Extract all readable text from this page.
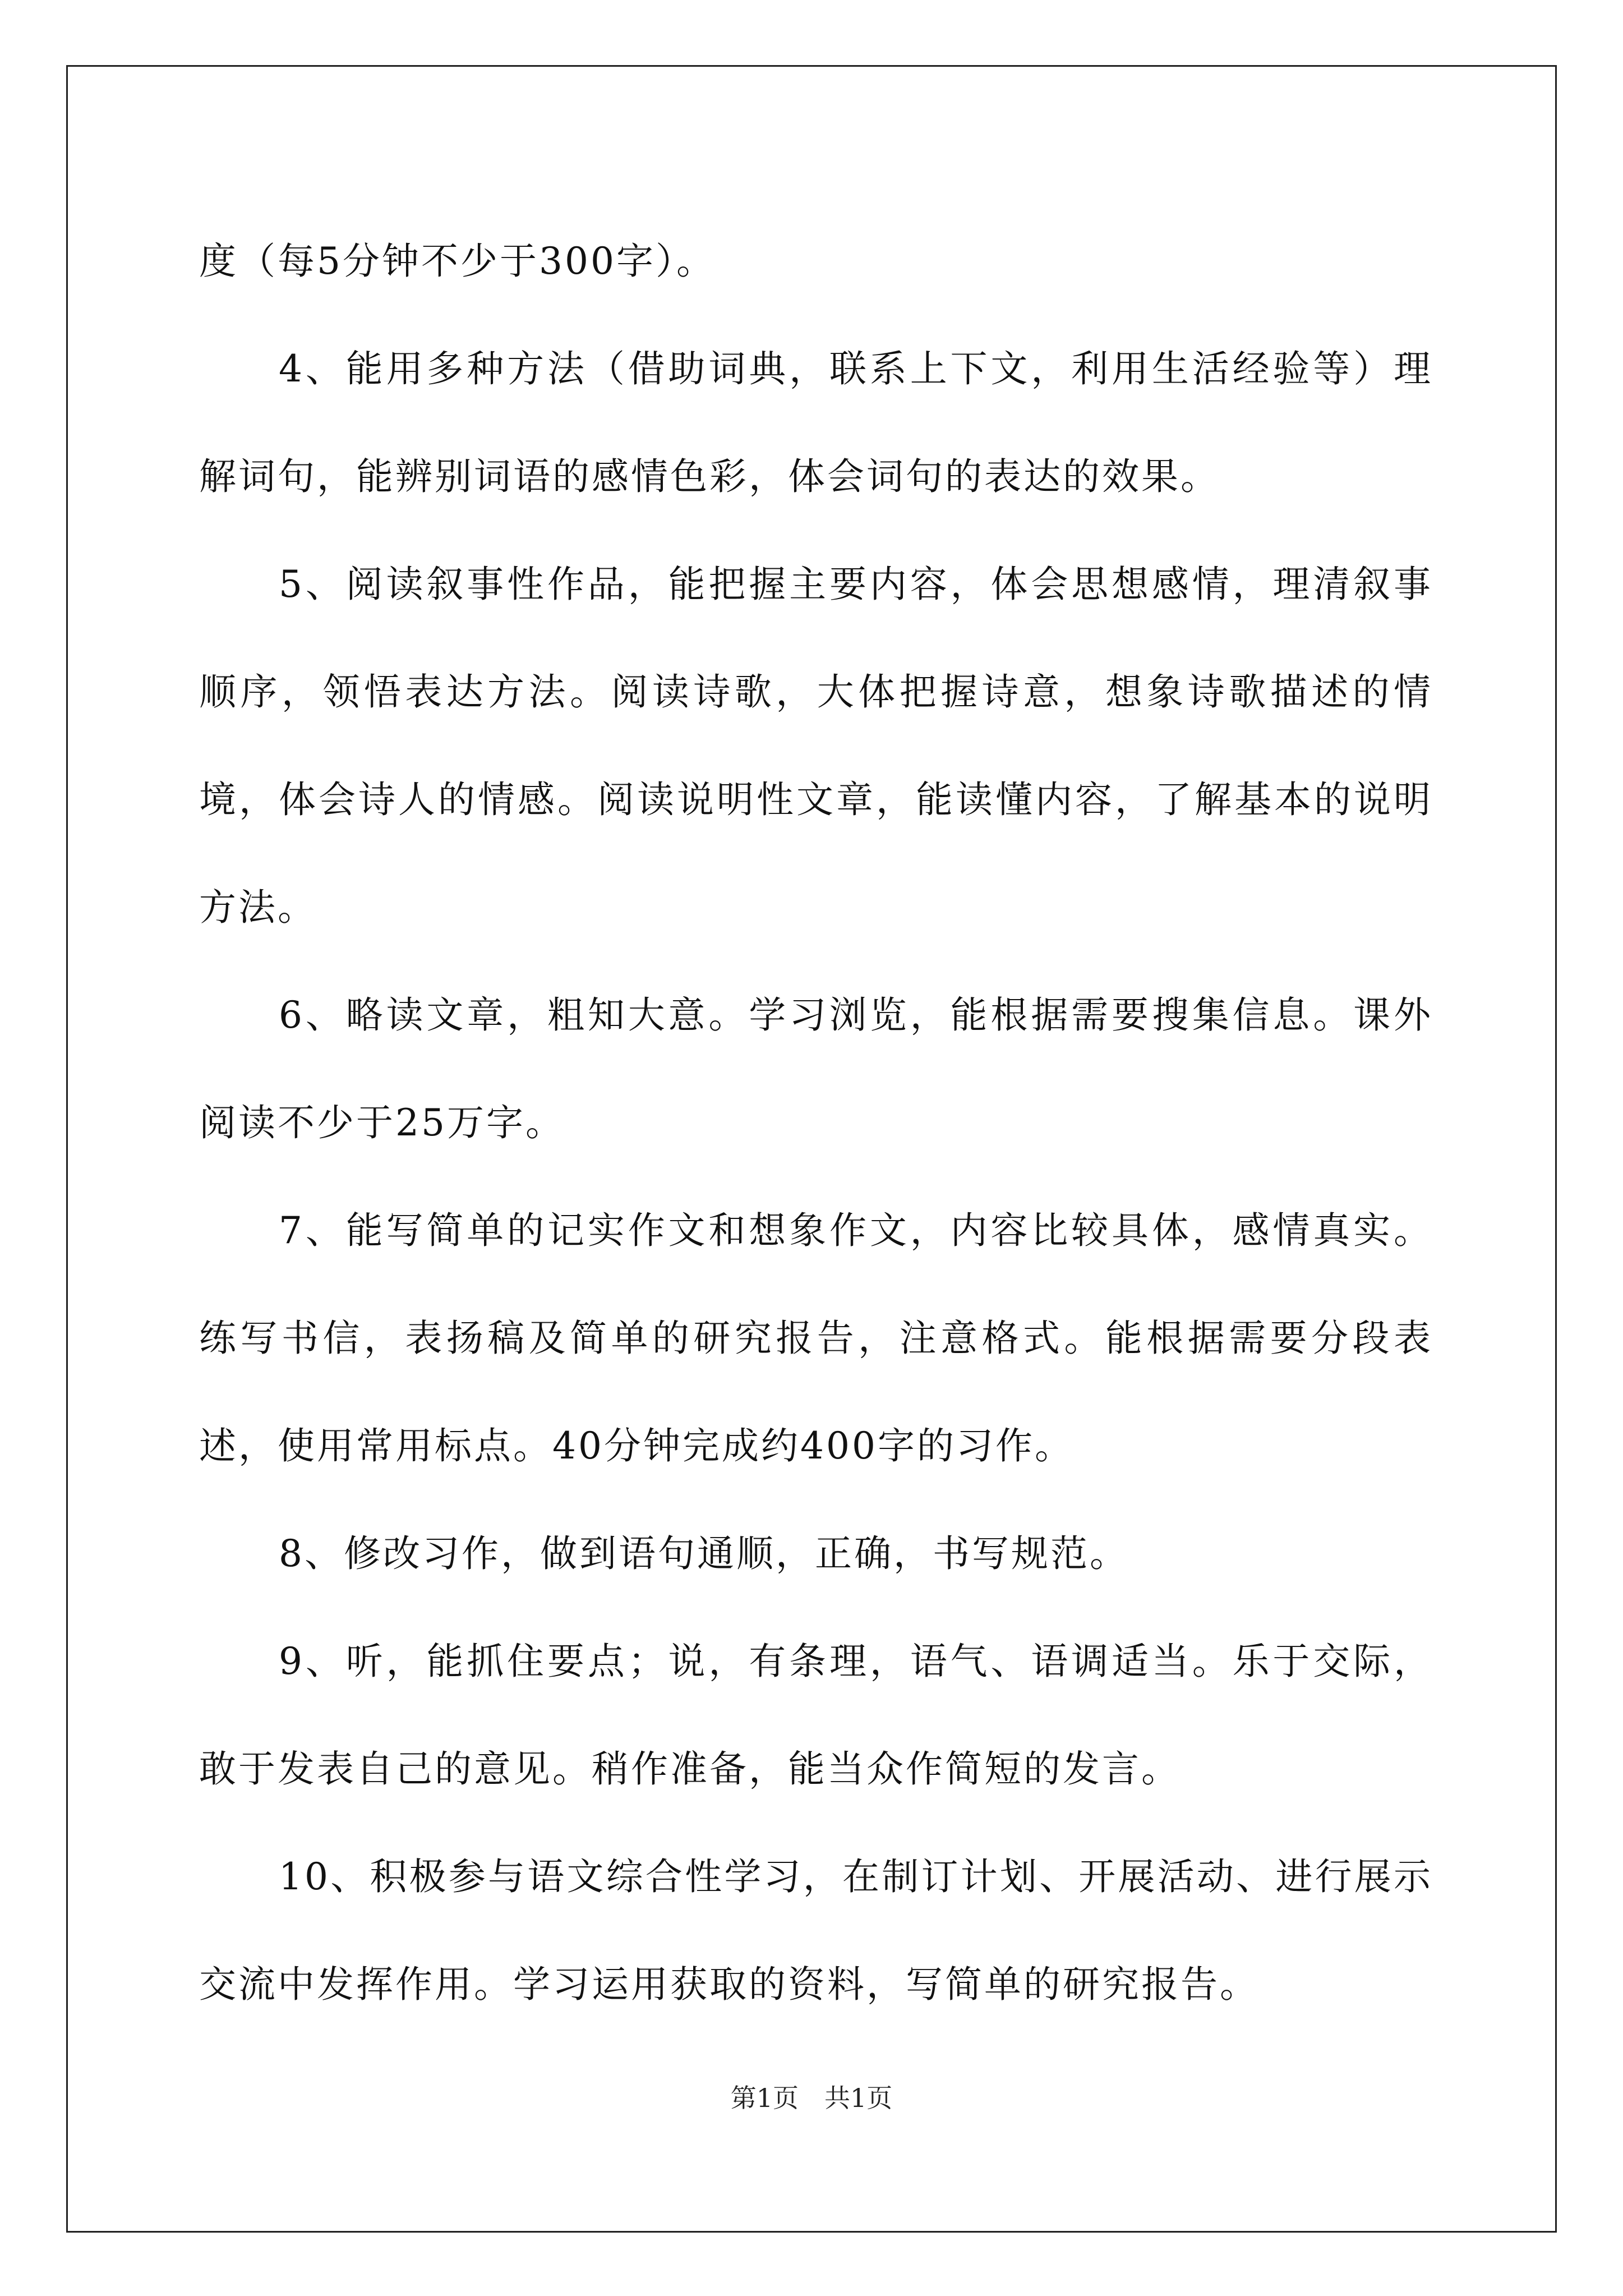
度（每5分钟不少于300字）。

4、能用多种方法（借助词典，联系上下文，利用生活经验等）理解词句，能辨别词语的感情色彩，体会词句的表达的效果。

5、阅读叙事性作品，能把握主要内容，体会思想感情，理清叙事顺序，领悟表达方法。阅读诗歌，大体把握诗意，想象诗歌描述的情境，体会诗人的情感。阅读说明性文章，能读懂内容，了解基本的说明方法。

6、略读文章，粗知大意。学习浏览，能根据需要搜集信息。课外阅读不少于25万字。

7、能写简单的记实作文和想象作文，内容比较具体，感情真实。练写书信，表扬稿及简单的研究报告，注意格式。能根据需要分段表述，使用常用标点。40分钟完成约400字的习作。

8、修改习作，做到语句通顺，正确，书写规范。

9、听，能抓住要点；说，有条理，语气、语调适当。乐于交际，敢于发表自己的意见。稍作准备，能当众作简短的发言。

10、积极参与语文综合性学习，在制订计划、开展活动、进行展示交流中发挥作用。学习运用获取的资料，写简单的研究报告。

第1页　共1页
